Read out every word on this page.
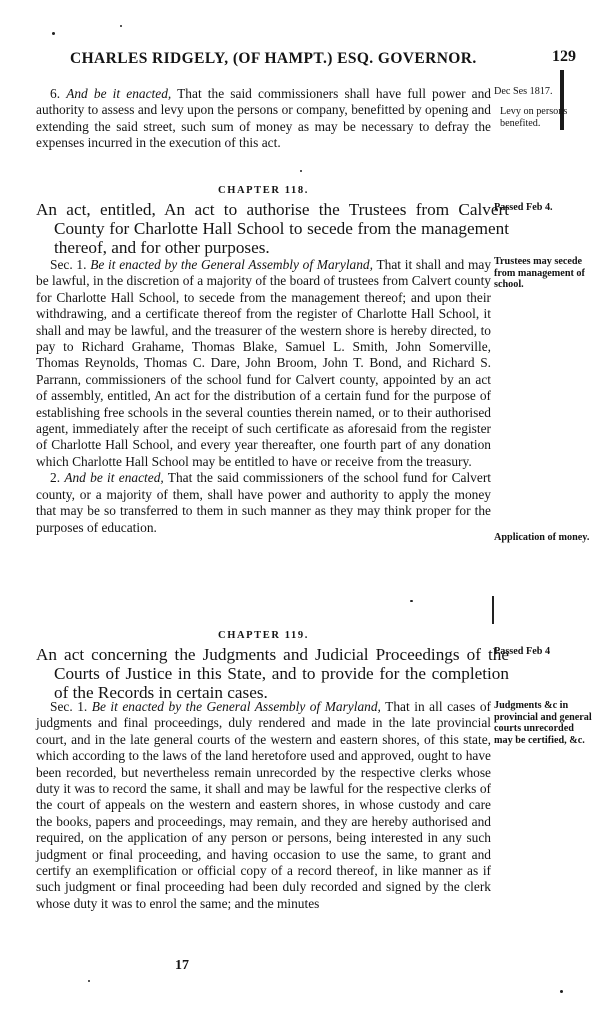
CHARLES RIDGELY, (OF HAMPT.) ESQ. GOVERNOR.	129

6. And be it enacted, That the said commissioners shall have full power and authority to assess and levy upon the persons or company, benefitted by opening and extending the said street, such sum of money as may be necessary to defray the expenses incurred in the execution of this act.

Dec Ses 1817.
Levy on persons benefited.
CHAPTER 118.
An act, entitled, An act to authorise the Trustees from Calvert County for Charlotte Hall School to secede from the management thereof, and for other purposes.
Passed Feb 4.

Sec. 1. Be it enacted by the General Assembly of Maryland, That it shall and may be lawful, in the discretion of a majority of the board of trustees from Calvert county for Charlotte Hall School, to secede from the management thereof; and upon their withdrawing, and a certificate thereof from the register of Charlotte Hall School, it shall and may be lawful, and the treasurer of the western shore is hereby directed, to pay to Richard Grahame, Thomas Blake, Samuel L. Smith, John Somerville, Thomas Reynolds, Thomas C. Dare, John Broom, John T. Bond, and Richard S. Parrann, commissioners of the school fund for Calvert county, appointed by an act of assembly, entitled, An act for the distribution of a certain fund for the purpose of establishing free schools in the several counties therein named, or to their authorised agent, immediately after the receipt of such certificate as aforesaid from the register of Charlotte Hall School, and every year thereafter, one fourth part of any donation which Charlotte Hall School may be entitled to have or receive from the treasury.

2. And be it enacted, That the said commissioners of the school fund for Calvert county, or a majority of them, shall have power and authority to apply the money that may be so transferred to them in such manner as they may think proper for the purposes of education.

Trustees may secede from management of school.
Application of money.
CHAPTER 119.
An act concerning the Judgments and Judicial Proceedings of the Courts of Justice in this State, and to provide for the completion of the Records in certain cases.
Passed Feb 4

Sec. 1. Be it enacted by the General Assembly of Maryland, That in all cases of judgments and final proceedings, duly rendered and made in the late provincial court, and in the late general courts of the western and eastern shores, of this state, which according to the laws of the land heretofore used and approved, ought to have been recorded, but nevertheless remain unrecorded by the respective clerks whose duty it was to record the same, it shall and may be lawful for the respective clerks of the court of appeals on the western and eastern shores, in whose custody and care the books, papers and proceedings, may remain, and they are hereby authorised and required, on the application of any person or persons, being interested in any such judgment or final proceeding, and having occasion to use the same, to grant and certify an exemplification or official copy of a record thereof, in like manner as if such judgment or final proceeding had been duly recorded and signed by the clerk whose duty it was to enrol the same; and the minutes

Judgments &c in provincial and general courts unrecorded may be certified, &c.
17
